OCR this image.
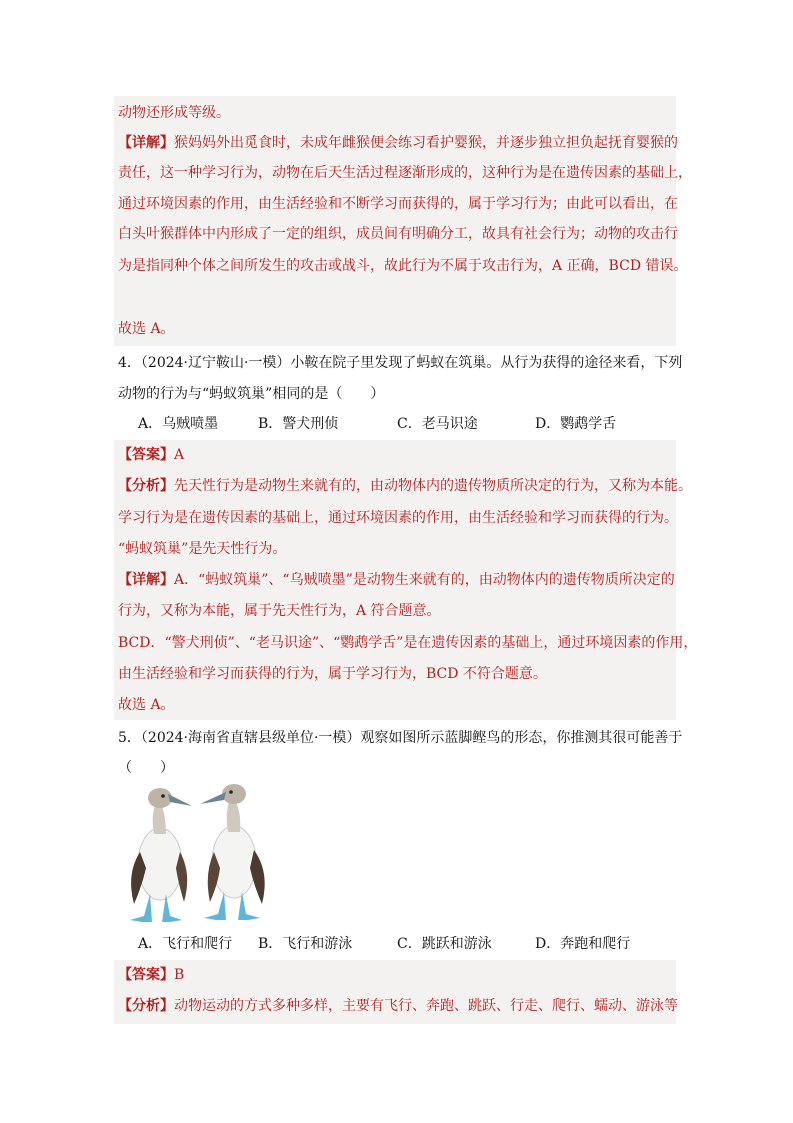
动物还形成等级。
【详解】猴妈妈外出觅食时，未成年雌猴便会练习看护婴猴，并逐步独立担负起抚育婴猴的
责任，这一种学习行为，动物在后天生活过程逐渐形成的，这种行为是在遗传因素的基础上，
通过环境因素的作用，由生活经验和不断学习而获得的，属于学习行为；由此可以看出，在
白头叶猴群体中内形成了一定的组织，成员间有明确分工，故具有社会行为；动物的攻击行
为是指同种个体之间所发生的攻击或战斗，故此行为不属于攻击行为，A 正确，BCD 错误。
故选 A。
4．（2024·辽宁鞍山·一模）小鞍在院子里发现了蚂蚁在筑巢。从行为获得的途径来看，下列
动物的行为与“蚂蚁筑巢”相同的是（　　）
A．乌贼喷墨	B．警犬刑侦	C．老马识途	D．鹦鹉学舌
【答案】A
【分析】先天性行为是动物生来就有的，由动物体内的遗传物质所决定的行为，又称为本能。
学习行为是在遗传因素的基础上，通过环境因素的作用，由生活经验和学习而获得的行为。
“蚂蚁筑巢”是先天性行为。
【详解】A．“蚂蚁筑巢”、“乌贼喷墨”是动物生来就有的，由动物体内的遗传物质所决定的
行为，又称为本能，属于先天性行为，A 符合题意。
BCD．“警犬刑侦”、“老马识途”、“鹦鹉学舌”是在遗传因素的基础上，通过环境因素的作用，
由生活经验和学习而获得的行为，属于学习行为，BCD 不符合题意。
故选 A。
5．（2024·海南省直辖县级单位·一模）观察如图所示蓝脚鲣鸟的形态，你推测其很可能善于
（　　）
A．飞行和爬行 B．飞行和游泳	C．跳跃和游泳	D．奔跑和爬行
【答案】B
【分析】动物运动的方式多种多样，主要有飞行、奔跑、跳跃、行走、爬行、蠕动、游泳等
